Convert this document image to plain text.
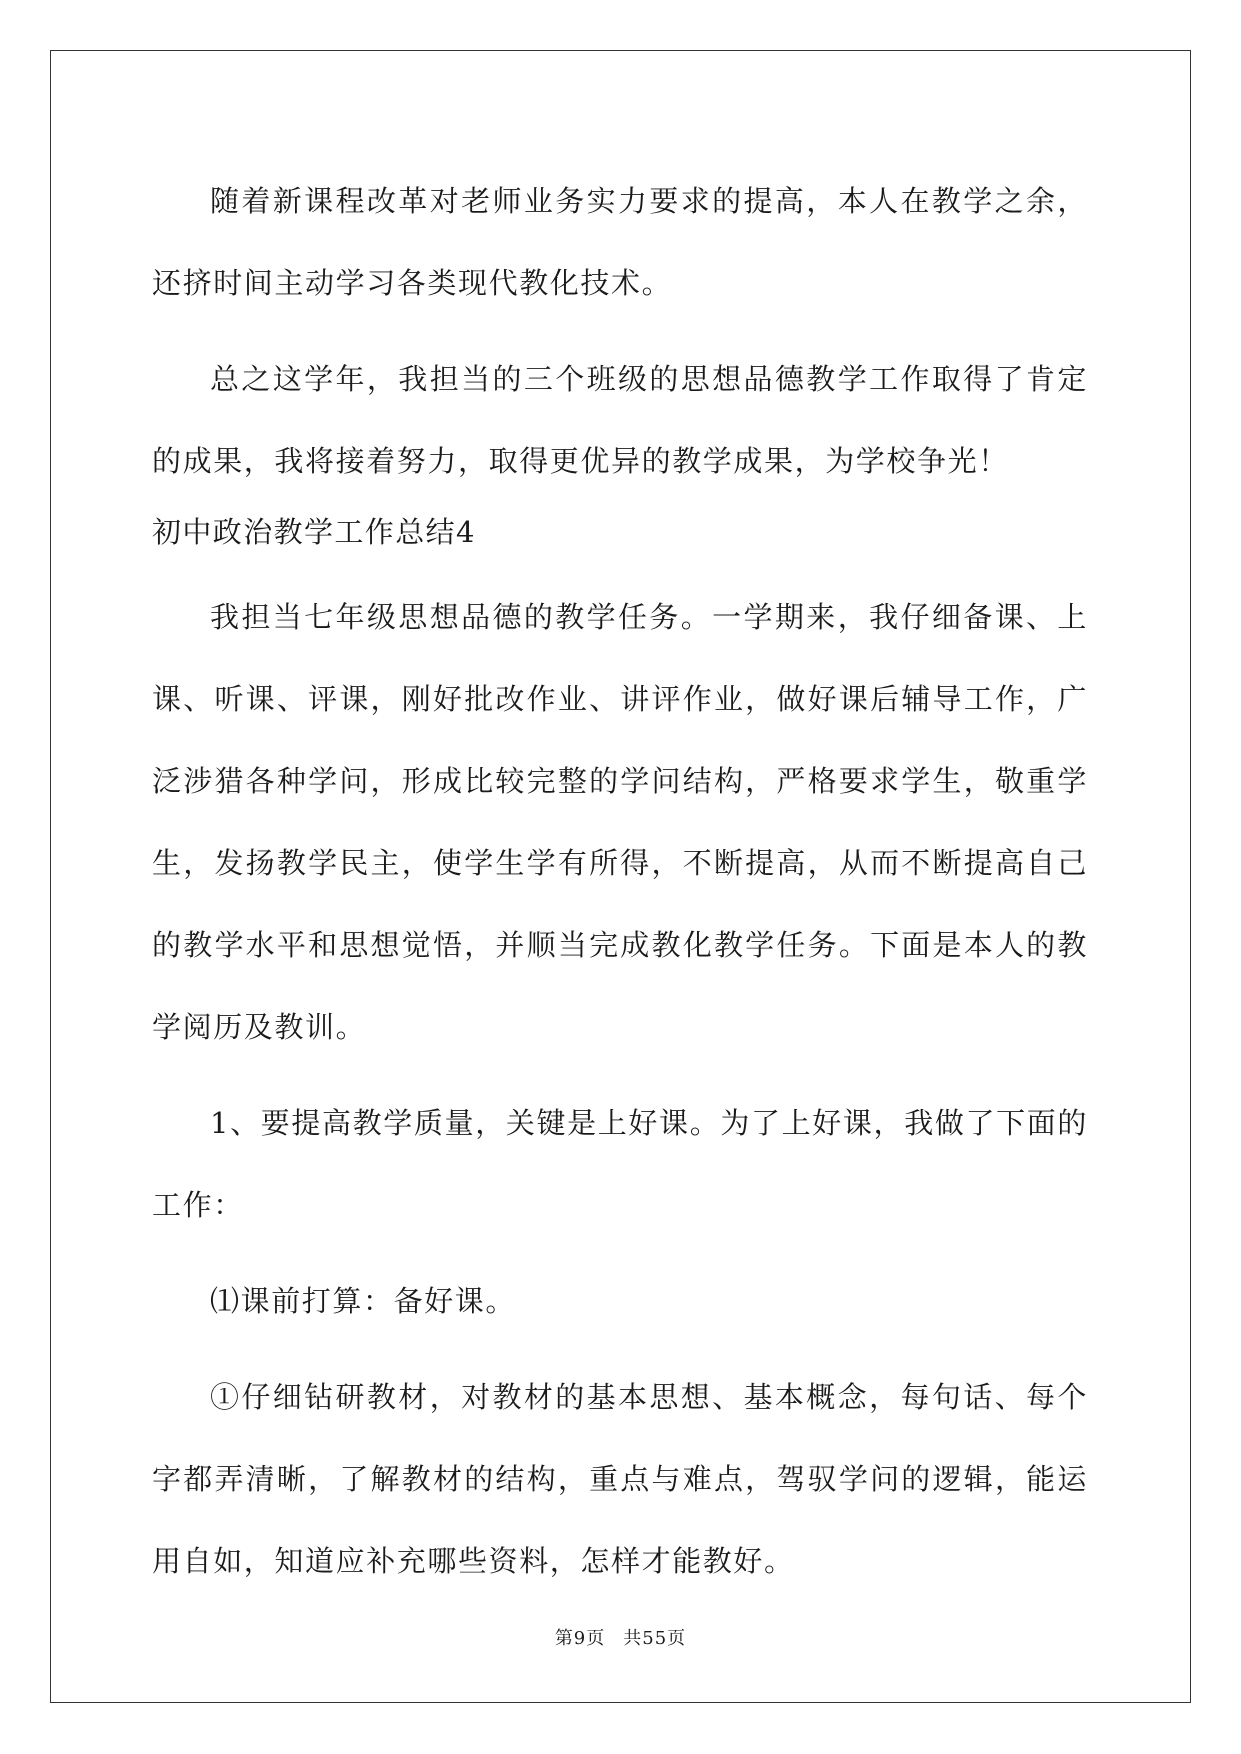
随着新课程改革对老师业务实力要求的提高，本人在教学之余，还挤时间主动学习各类现代教化技术。

总之这学年，我担当的三个班级的思想品德教学工作取得了肯定的成果，我将接着努力，取得更优异的教学成果，为学校争光！

初中政治教学工作总结4

我担当七年级思想品德的教学任务。一学期来，我仔细备课、上课、听课、评课，刚好批改作业、讲评作业，做好课后辅导工作，广泛涉猎各种学问，形成比较完整的学问结构，严格要求学生，敬重学生，发扬教学民主，使学生学有所得，不断提高，从而不断提高自己的教学水平和思想觉悟，并顺当完成教化教学任务。下面是本人的教学阅历及教训。

1、要提高教学质量，关键是上好课。为了上好课，我做了下面的工作：

⑴课前打算：备好课。

①仔细钻研教材，对教材的基本思想、基本概念，每句话、每个字都弄清晰，了解教材的结构，重点与难点，驾驭学问的逻辑，能运用自如，知道应补充哪些资料，怎样才能教好。

第9页 共55页
